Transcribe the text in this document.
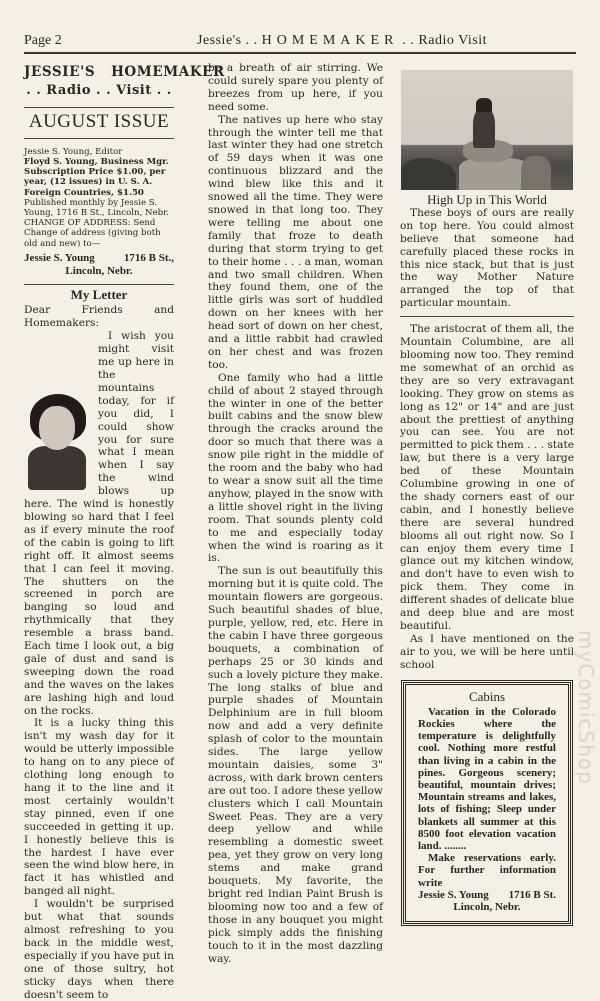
Page 2	Jessie's . . HOMEMAKER . . Radio Visit
JESSIE'S   HOMEMAKER
. . Radio . . Visit . .
AUGUST ISSUE
Jessie S. Young, Editor
Floyd S. Young, Business Mgr.
Subscription Price $1.00, per year, (12 issues) in U. S. A.
Foreign Countries, $1.50
Published monthly by Jessie S. Young, 1716 B St., Lincoln, Nebr.
CHANGE OF ADDRESS: Send Change of address (giving both old and new) to—
Jessie S. Young	1716 B St.,
Lincoln, Nebr.
My Letter

Dear Friends and Homemakers:

I wish you might visit me up here in the mountains today, for if you did, I could show you for sure what I mean when I say the wind blows up here. The wind is honestly blowing so hard that I feel as if every minute the roof of the cabin is going to lift right off. It almost seems that I can feel it moving. The shutters on the screened in porch are banging so loud and rhythmically that they resemble a brass band. Each time I look out, a big gale of dust and sand is sweeping down the road and the waves on the lakes are lashing high and loud on the rocks.

It is a lucky thing this isn't my wash day for it would be utterly impossible to hang on to any piece of clothing long enough to hang it to the line and it most certainly wouldn't stay pinned, even if one succeeded in getting it up. I honestly believe this is the hardest I have ever seen the wind blow here, in fact it has whistled and banged all night.

I wouldn't be surprised but what that sounds almost refreshing to you back in the middle west, especially if you have put in one of those sultry, hot sticky days when there doesn't seem to

be a breath of air stirring. We could surely spare you plenty of breezes from up here, if you need some.

The natives up here who stay through the winter tell me that last winter they had one stretch of 59 days when it was one continuous blizzard and the wind blew like this and it snowed all the time. They were snowed in that long too. They were telling me about one family that froze to death during that storm trying to get to their home . . . a man, woman and two small children. When they found them, one of the little girls was sort of huddled down on her knees with her head sort of down on her chest, and a little rabbit had crawled on her chest and was frozen too.

One family who had a little child of about 2 stayed through the winter in one of the better built cabins and the snow blew through the cracks around the door so much that there was a snow pile right in the middle of the room and the baby who had to wear a snow suit all the time anyhow, played in the snow with a little shovel right in the living room. That sounds plenty cold to me and especially today when the wind is roaring as it is.

The sun is out beautifully this morning but it is quite cold. The mountain flowers are gorgeous. Such beautiful shades of blue, purple, yellow, red, etc. Here in the cabin I have three gorgeous bouquets, a combination of perhaps 25 or 30 kinds and such a lovely picture they make. The long stalks of blue and purple shades of Mountain Delphinium are in full bloom now and add a very definite splash of color to the mountain sides. The large yellow mountain daisies, some 3" across, with dark brown centers are out too. I adore these yellow clusters which I call Mountain Sweet Peas. They are a very deep yellow and while resembling a domestic sweet pea, yet they grow on very long stems and make grand bouquets. My favorite, the bright red Indian Paint Brush is blooming now too and a few of those in any bouquet you might pick simply adds the finishing touch to it in the most dazzling way.

High Up in This World

These boys of ours are really on top here. You could almost believe that someone had carefully placed these rocks in this nice stack, but that is just the way Mother Nature arranged the top of that particular mountain.

The aristocrat of them all, the Mountain Columbine, are all blooming now too. They remind me somewhat of an orchid as they are so very extravagant looking. They grow on stems as long as 12" or 14" and are just about the prettiest of anything you can see. You are not permitted to pick them . . . state law, but there is a very large bed of these Mountain Columbine growing in one of the shady corners east of our cabin, and I honestly believe there are several hundred blooms all out right now. So I can enjoy them every time I glance out my kitchen window, and don't have to even wish to pick them. They come in different shades of delicate blue and deep blue and are most beautiful.

As I have mentioned on the air to you, we will be here until school

Cabins

Vacation in the Colorado Rockies where the temperature is delightfully cool. Nothing more restful than living in a cabin in the pines. Gorgeous scenery; beautiful, mountain drives; Mountain streams and lakes, lots of fishing; Sleep under blankets all summer at this 8500 foot elevation vacation land. ........

Make reservations early. For further information write

Jessie S. Young 1716 B St.
Lincoln, Nebr.
myComicShop
